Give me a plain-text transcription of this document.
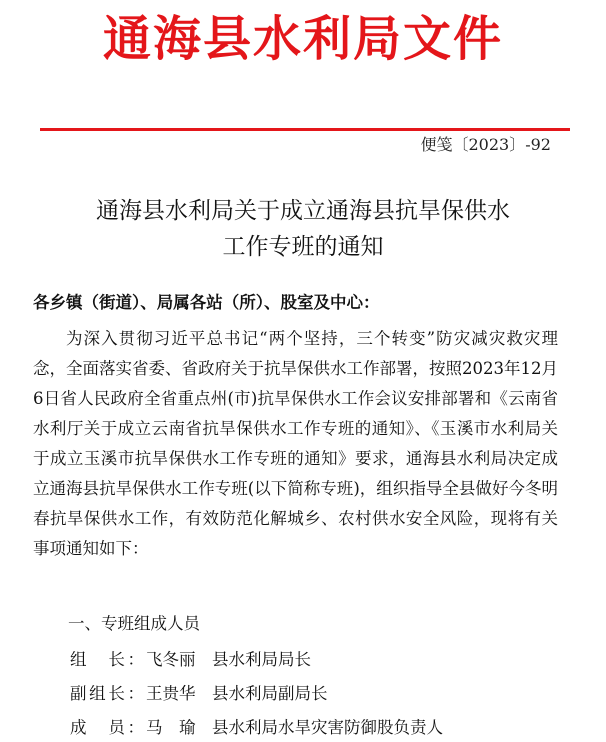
通海县水利局文件
便笺〔2023〕-92
通海县水利局关于成立通海县抗旱保供水
工作专班的通知
各乡镇（街道）、局属各站（所）、股室及中心：
为深入贯彻习近平总书记“两个坚持，三个转变”防灾减灾救灾理念，全面落实省委、省政府关于抗旱保供水工作部署，按照2023年12月6日省人民政府全省重点州(市)抗旱保供水工作会议安排部署和《云南省水利厅关于成立云南省抗旱保供水工作专班的通知》、《玉溪市水利局关于成立玉溪市抗旱保供水工作专班的通知》要求，通海县水利局决定成立通海县抗旱保供水工作专班(以下简称专班)，组织指导全县做好今冬明春抗旱保供水工作，有效防范化解城乡、农村供水安全风险，现将有关事项通知如下：
一、专班组成人员
组　长： 飞冬丽　 县水利局局长
副组长： 王贵华　 县水利局副局长
成　员： 马　瑜　 县水利局水旱灾害防御股负责人
